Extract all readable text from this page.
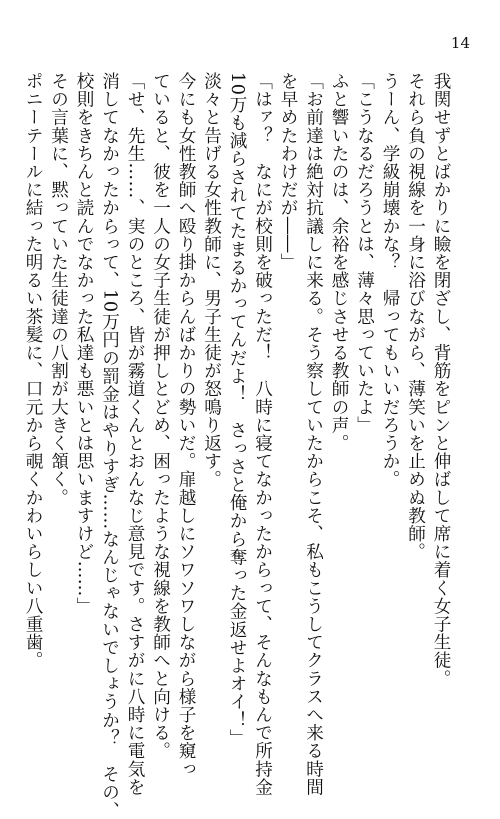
14
我関せずとばかりに瞼を閉ざし、背筋をピンと伸ばして席に着く女子生徒。
それら負の視線を一身に浴びながら、薄笑いを止めぬ教師。
うーん、学級崩壊かな？　帰ってもいいだろうか。
「こうなるだろうとは、薄々思っていたよ」
ふと響いたのは、余裕を感じさせる教師の声。
「お前達は絶対抗議しに来る。そう察していたからこそ、私もこうしてクラスへ来る時間
を早めたわけだが――」
「はァ？　なにが校則を破っただ！　八時に寝てなかったからって、そんなもんで所持金
10万も減らされてたまるかってんだよ！　さっさと俺から奪った金返せよオイ！」
淡々と告げる女性教師に、男子生徒が怒鳴り返す。
今にも女性教師へ殴り掛からんばかりの勢いだ。扉越しにソワソワしながら様子を窺っ
ていると、彼を一人の女子生徒が押しとどめ、困ったような視線を教師へと向ける。
「せ、先生……、実のところ、皆が霧道くんとおんなじ意見です。さすがに八時に電気を
消してなかったからって、10万円の罰金はやりすぎ……なんじゃないでしょうか？　その、
校則をきちんと読んでなかった私達も悪いとは思いますけど……」
その言葉に、黙っていた生徒達の八割が大きく頷く。
ポニーテールに結った明るい茶髪に、口元から覗くかわいらしい八重歯。
